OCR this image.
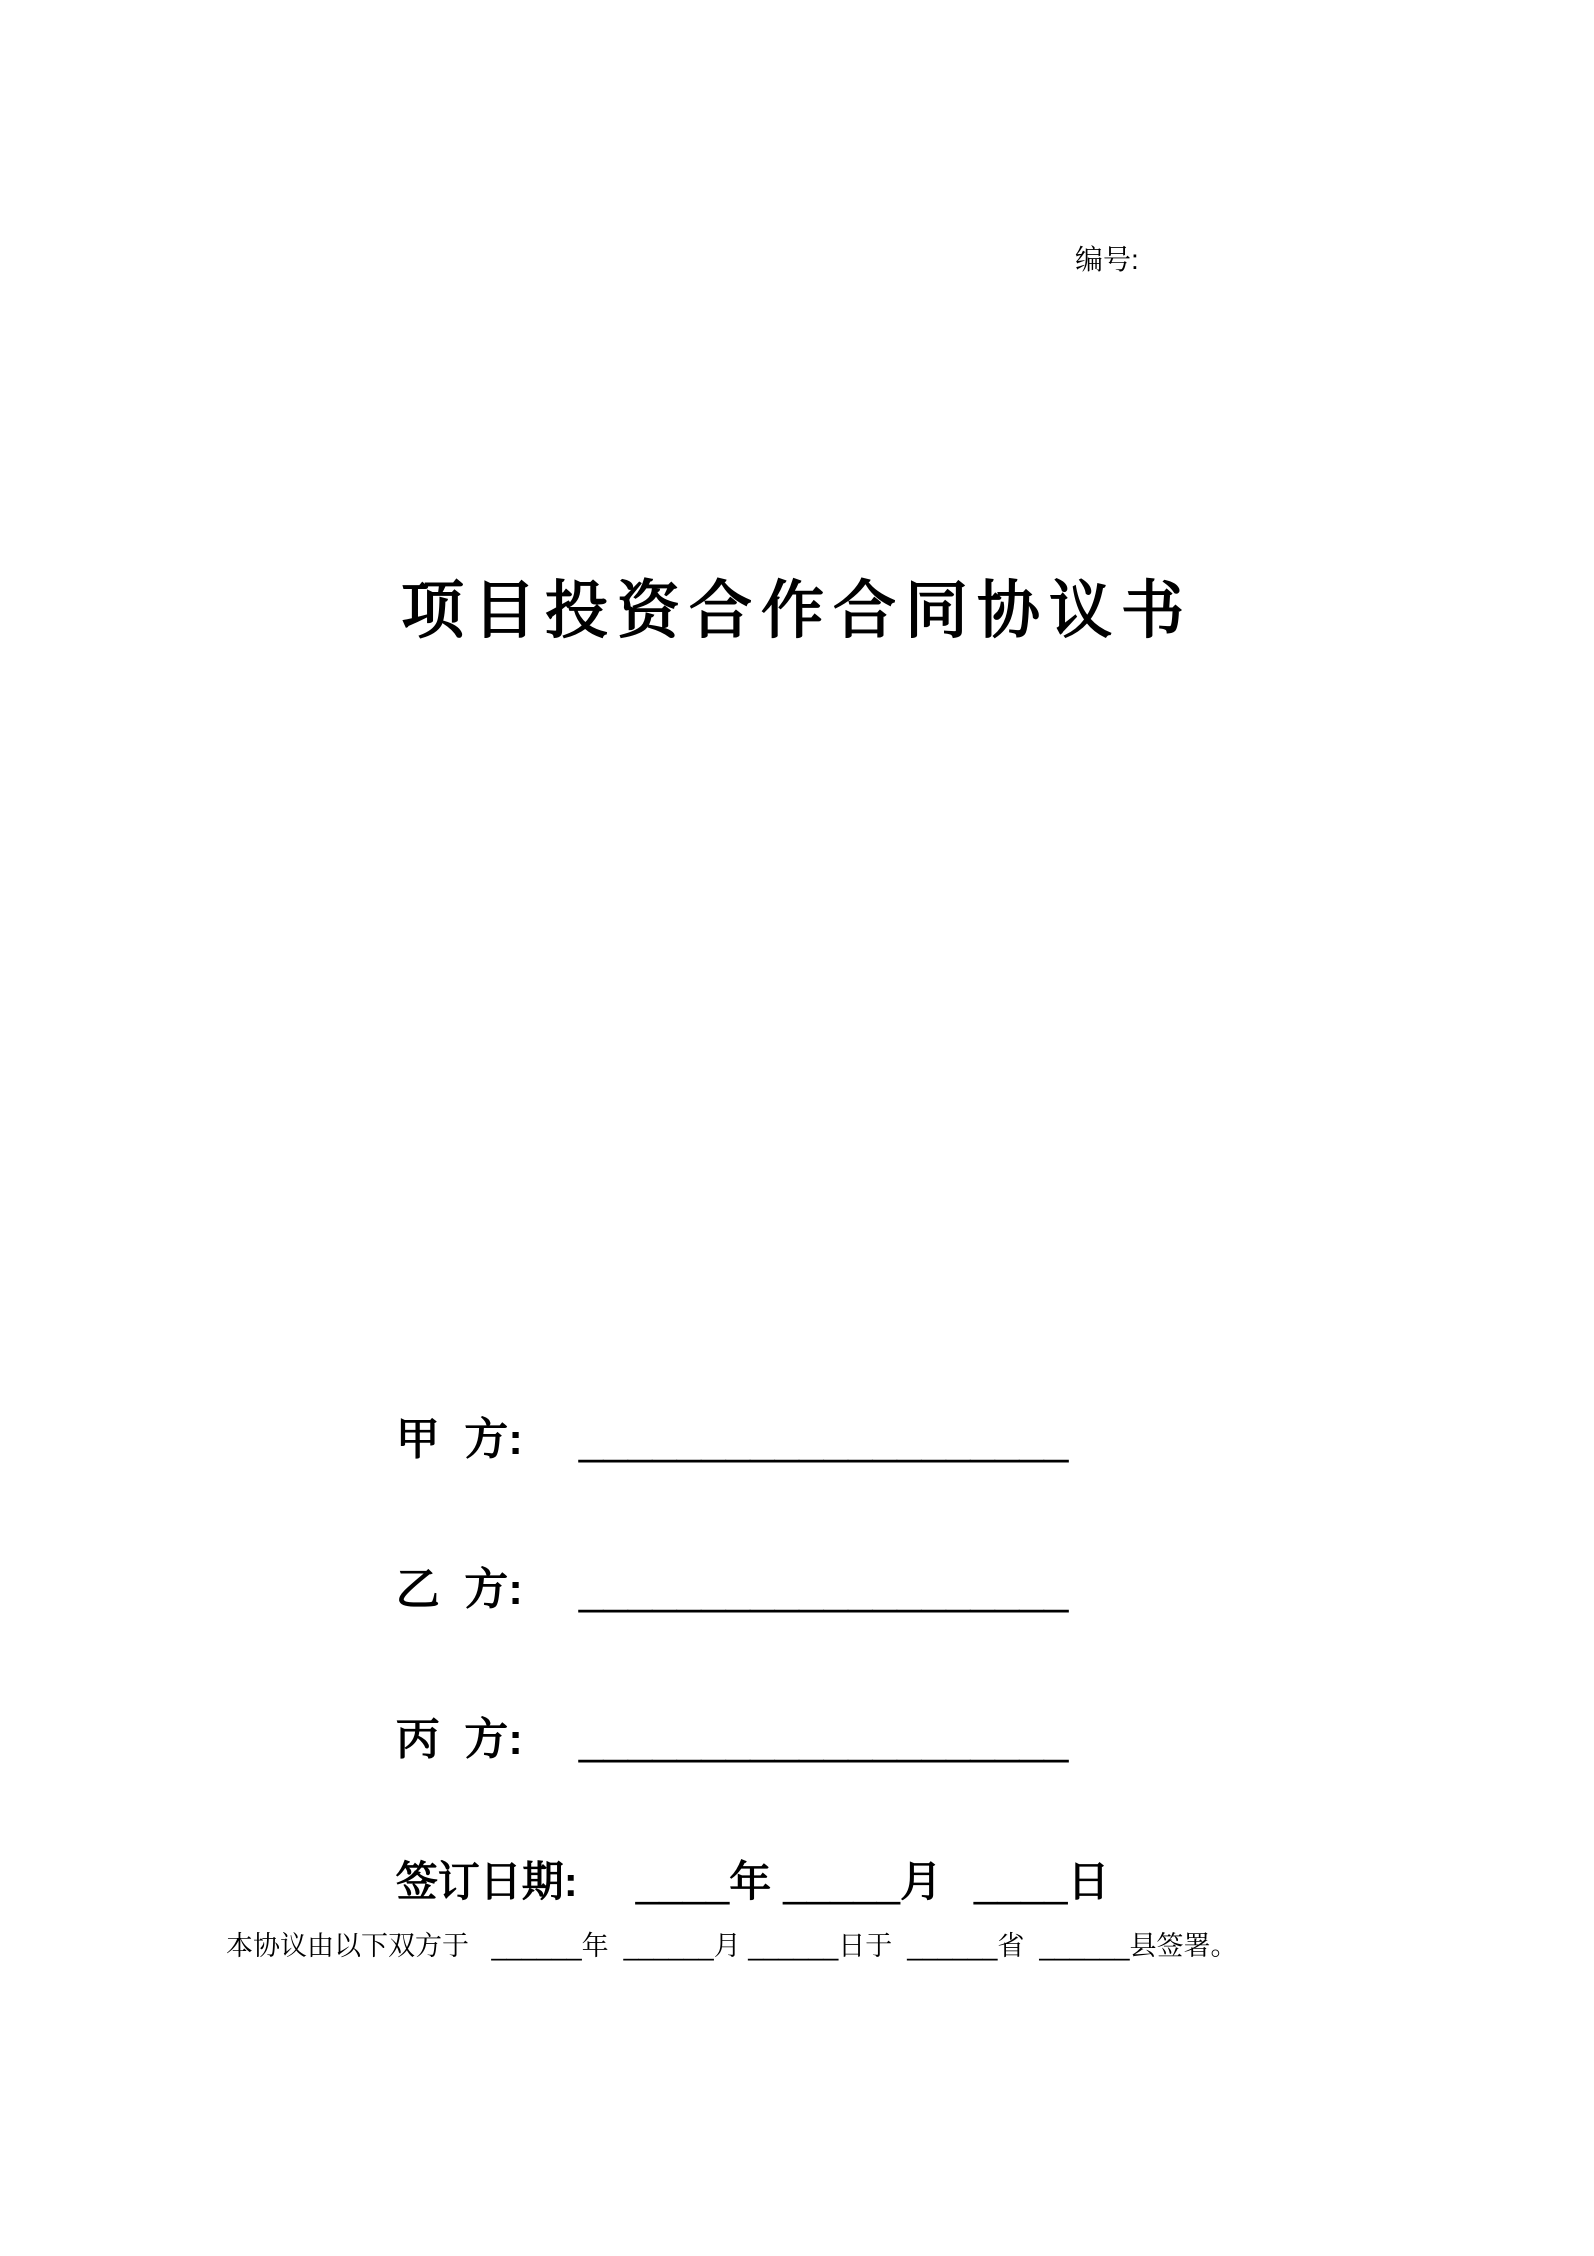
编号:
项目投资合作合同协议书

甲  方: ____________________

乙  方: ____________________

丙  方: ____________________

签订日期: ____年 _____月 ____日

本协议由以下双方于   ______年  ______月 ______日于  ______省  ______县签署。
